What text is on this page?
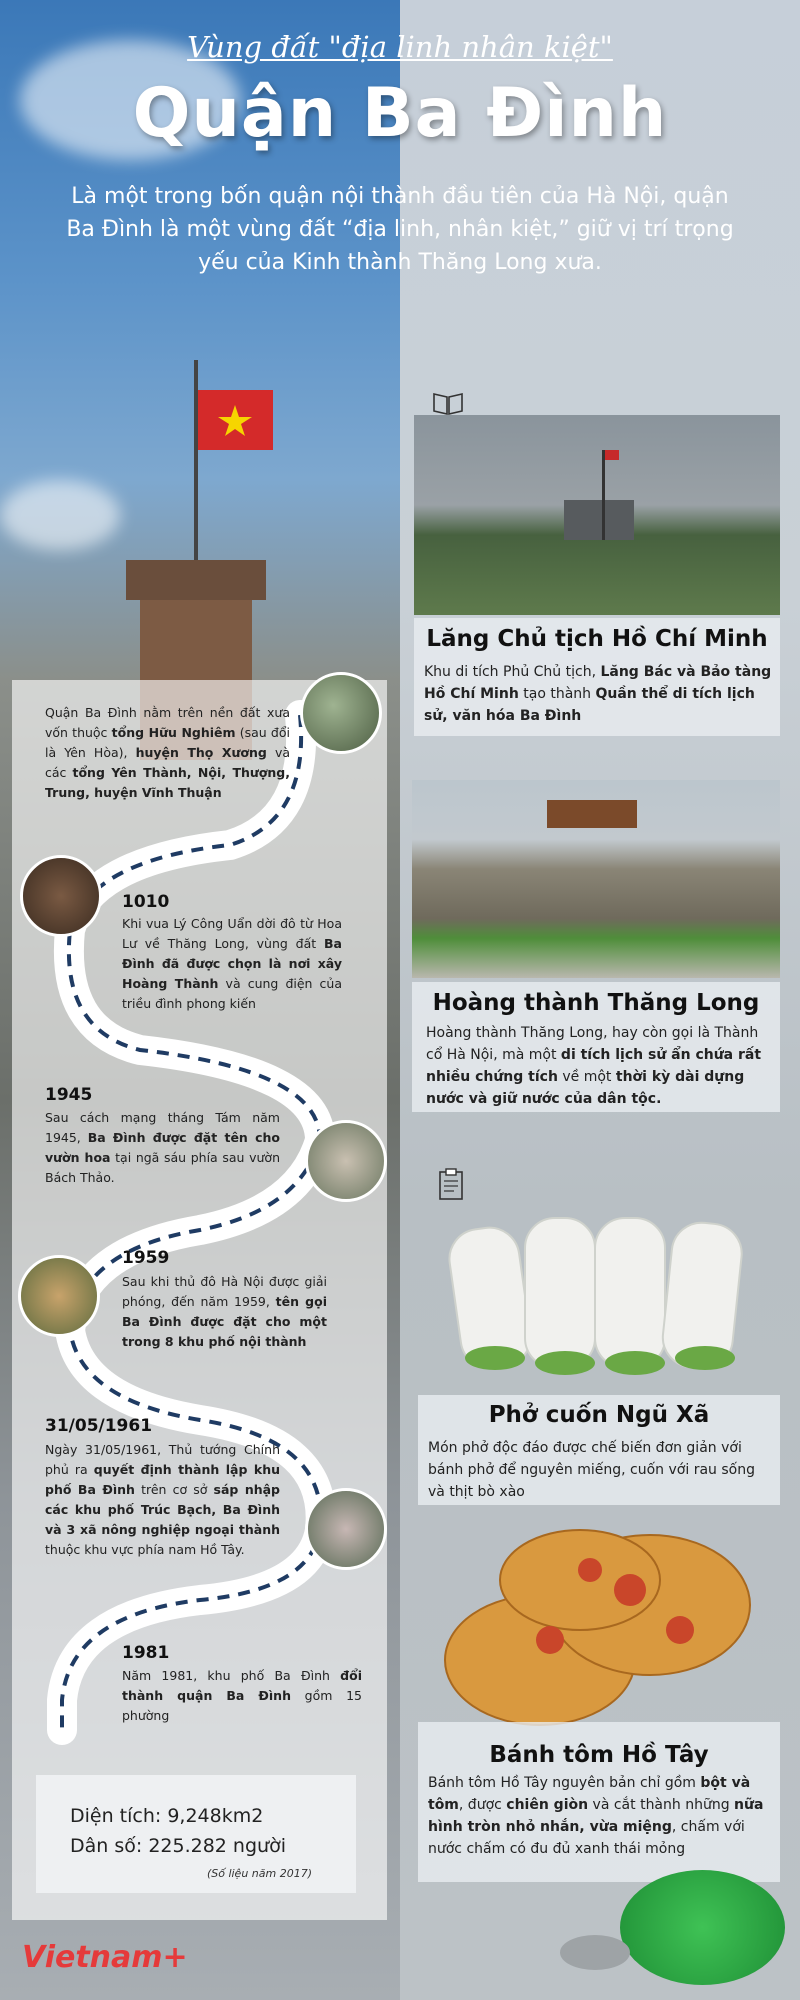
Vùng đất "địa linh nhân kiệt"
Quận Ba Đình
Là một trong bốn quận nội thành đầu tiên của Hà Nội, quận Ba Đình là một vùng đất “địa linh, nhân kiệt,” giữ vị trí trọng yếu của Kinh thành Thăng Long xưa.
Quận Ba Đình nằm trên nền đất xưa vốn thuộc tổng Hữu Nghiêm (sau đổi là Yên Hòa), huyện Thọ Xương và các tổng Yên Thành, Nội, Thượng, Trung, huyện Vĩnh Thuận
1010
Khi vua Lý Công Uẩn dời đô từ Hoa Lư về Thăng Long, vùng đất Ba Đình đã được chọn là nơi xây Hoàng Thành và cung điện của triều đình phong kiến
1945
Sau cách mạng tháng Tám năm 1945, Ba Đình được đặt tên cho vườn hoa tại ngã sáu phía sau vườn Bách Thảo.
1959
Sau khi thủ đô Hà Nội được giải phóng, đến năm 1959, tên gọi Ba Đình được đặt cho một trong 8 khu phố nội thành
31/05/1961
Ngày 31/05/1961, Thủ tướng Chính phủ ra quyết định thành lập khu phố Ba Đình trên cơ sở sáp nhập các khu phố Trúc Bạch, Ba Đình và 3 xã nông nghiệp ngoại thành thuộc khu vực phía nam Hồ Tây.
1981
Năm 1981, khu phố Ba Đình đổi thành quận Ba Đình gồm 15 phường
Diện tích: 9,248km2
Dân số: 225.282 người
(Số liệu năm 2017)
Lăng Chủ tịch Hồ Chí Minh
Khu di tích Phủ Chủ tịch, Lăng Bác và Bảo tàng Hồ Chí Minh tạo thành Quần thể di tích lịch sử, văn hóa Ba Đình
Hoàng thành Thăng Long
Hoàng thành Thăng Long, hay còn gọi là Thành cổ Hà Nội, mà một di tích lịch sử ẩn chứa rất nhiều chứng tích về một thời kỳ dài dựng nước và giữ nước của dân tộc.
Phở cuốn Ngũ Xã
Món phở độc đáo được chế biến đơn giản với bánh phở để nguyên miếng, cuốn với rau sống và thịt bò xào
Bánh tôm Hồ Tây
Bánh tôm Hồ Tây nguyên bản chỉ gồm bột và tôm, được chiên giòn và cắt thành những nữa hình tròn nhỏ nhắn, vừa miệng, chấm với nước chấm có đu đủ xanh thái mỏng
Vietnam+
